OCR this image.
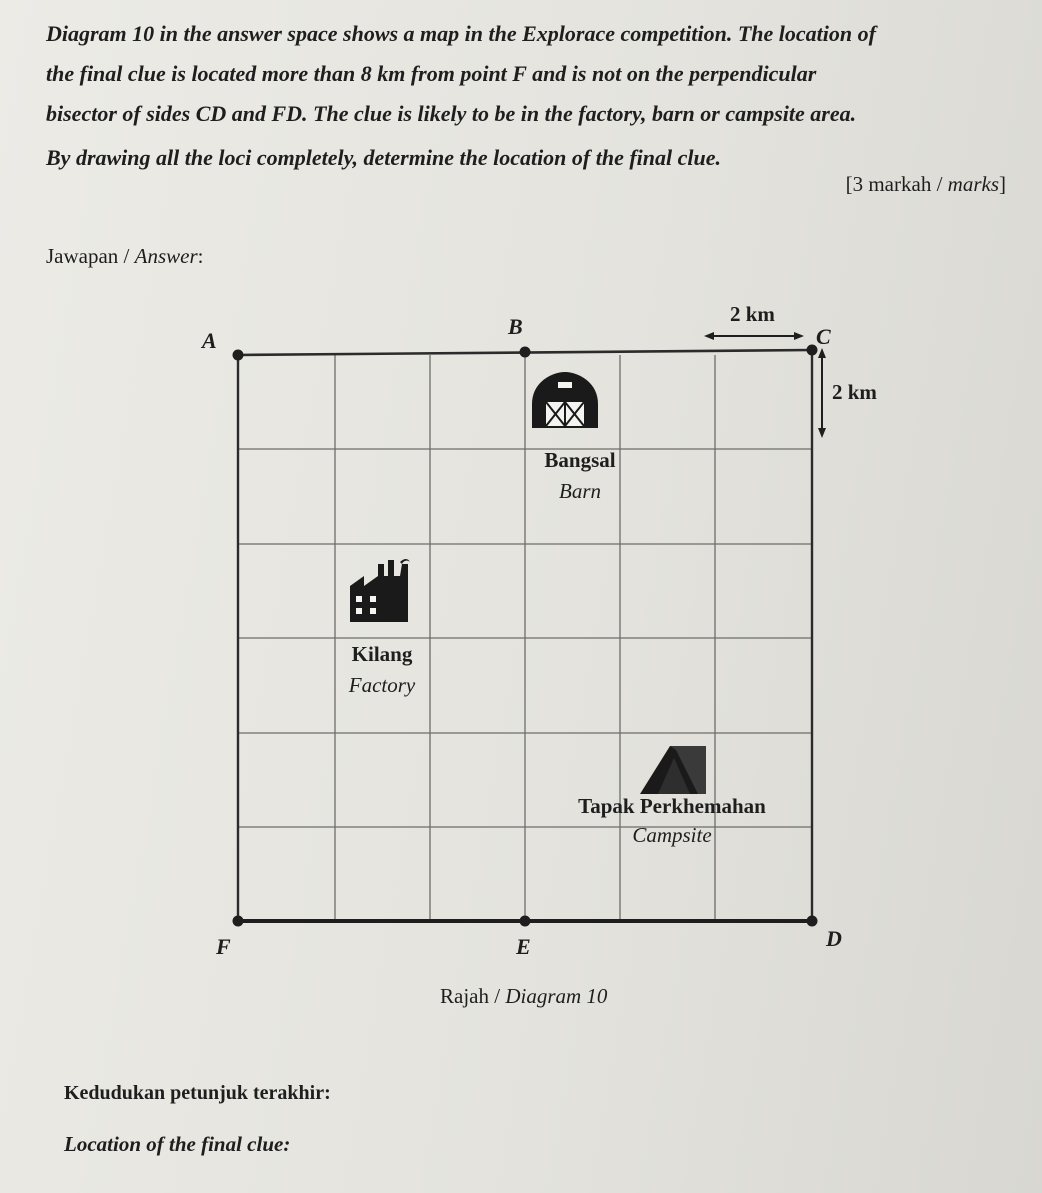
Diagram 10 in the answer space shows a map in the Explorace competition. The location of
the final clue is located more than 8 km from point F and is not on the perpendicular
bisector of sides CD and FD. The clue is likely to be in the factory, barn or campsite area.
By drawing all the loci completely, determine the location of the final clue.
[3 markah / marks]
Jawapan / Answer:
A
B	C
D
E
F
2 km
2 km
Bangsal
Barn
Kilang
Factory
Tapak Perkhemahan
Campsite
Rajah / Diagram 10
Kedudukan petunjuk terakhir:
Location of the final clue:
